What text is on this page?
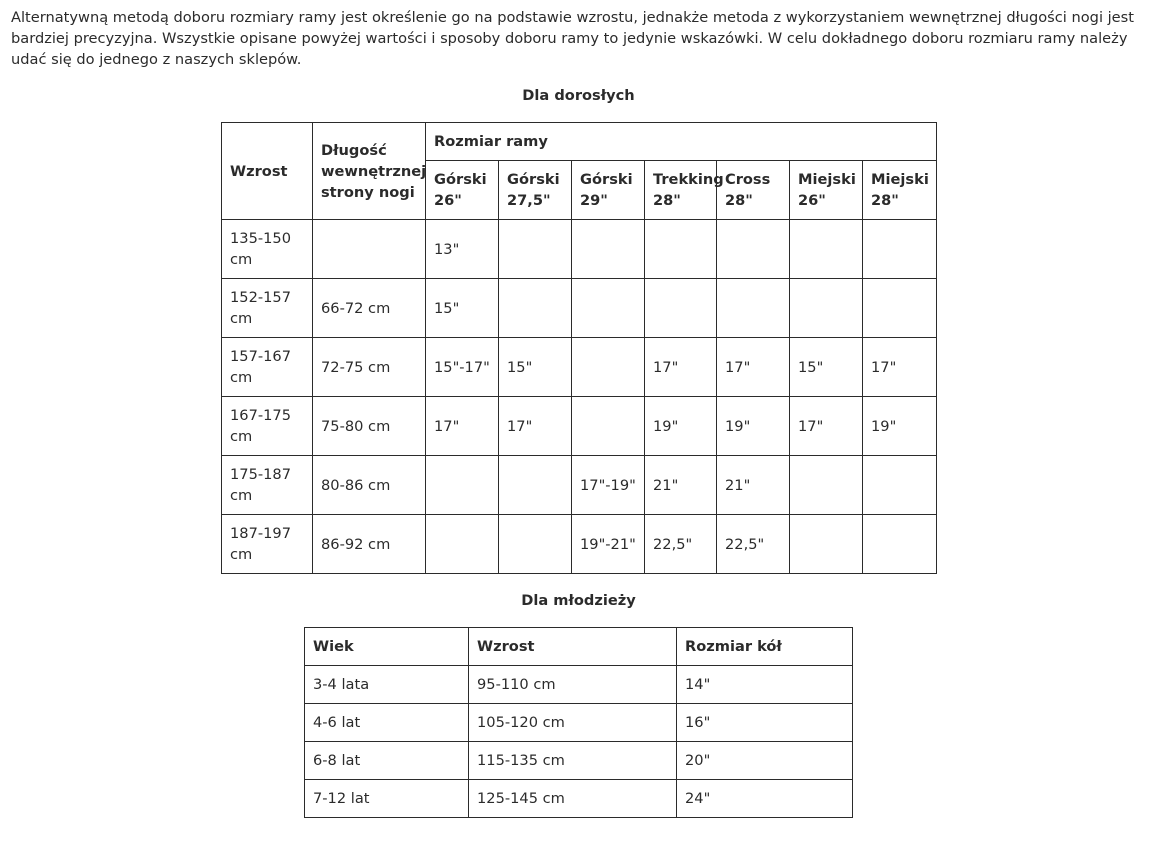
Alternatywną metodą doboru rozmiary ramy jest określenie go na podstawie wzrostu, jednakże metoda z wykorzystaniem wewnętrznej długości nogi jest bardziej precyzyjna. Wszystkie opisane powyżej wartości i sposoby doboru ramy to jedynie wskazówki. W celu dokładnego doboru rozmiaru ramy należy udać się do jednego z naszych sklepów.

Dla dorosłych
Wzrost	Długość wewnętrznej strony nogi	Rozmiar ramy						
		Górski 26"	Górski 27,5"	Górski 29"	Trekking 28"	Cross 28"	Miejski 26"	Miejski 28"
135-150 cm		13"						
152-157 cm	66-72 cm	15"						
157-167 cm	72-75 cm	15"-17"	15"		17"	17"	15"	17"
167-175 cm	75-80 cm	17"	17"		19"	19"	17"	19"
175-187 cm	80-86 cm			17"-19"	21"	21"		
187-197 cm	86-92 cm			19"-21"	22,5"	22,5"		
Dla młodzieży
Wiek	Wzrost	Rozmiar kół
3-4 lata	95-110 cm	14"
4-6 lat	105-120 cm	16"
6-8 lat	115-135 cm	20"
7-12 lat	125-145 cm	24"
